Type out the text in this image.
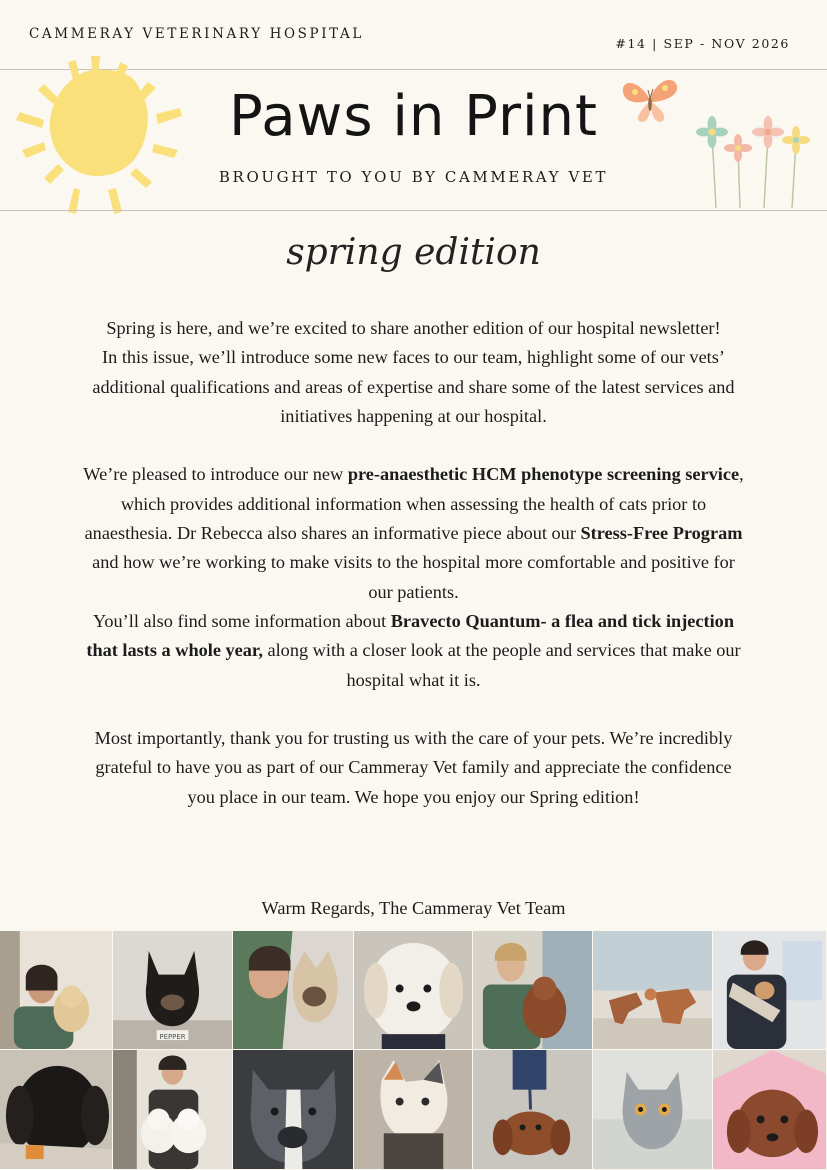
CAMMERAY VETERINARY HOSPITAL
#14 | SEP - NOV 2026
Paws in Print
BROUGHT TO YOU BY CAMMERAY VET
spring edition

Spring is here, and we’re excited to share another edition of our hospital newsletter!

In this issue, we’ll introduce some new faces to our team, highlight some of our vets’ additional qualifications and areas of expertise and share some of the latest services and initiatives happening at our hospital.

We’re pleased to introduce our new pre-anaesthetic HCM phenotype screening service, which provides additional information when assessing the health of cats prior to anaesthesia. Dr Rebecca also shares an informative piece about our Stress-Free Program and how we’re working to make visits to the hospital more comfortable and positive for our patients.

You’ll also find some information about Bravecto Quantum- a flea and tick injection that lasts a whole year, along with a closer look at the people and services that make our hospital what it is.

Most importantly, thank you for trusting us with the care of your pets. We’re incredibly grateful to have you as part of our Cammeray Vet family and appreciate the confidence you place in our team. We hope you enjoy our Spring edition!

Warm Regards, The Cammeray Vet Team
PEPPER
